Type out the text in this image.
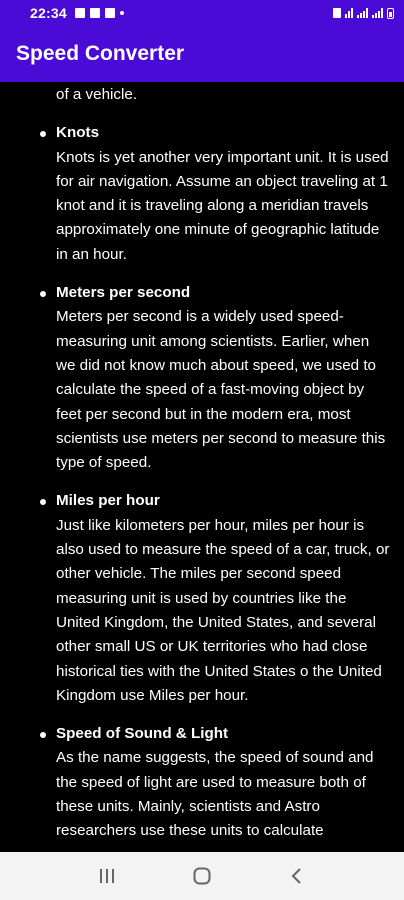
22:34
Speed Converter
of a vehicle.
Knots
Knots is yet another very important unit. It is used for air navigation. Assume an object traveling at 1 knot and it is traveling along a meridian travels approximately one minute of geographic latitude in an hour.
Meters per second
Meters per second is a widely used speed-measuring unit among scientists. Earlier, when we did not know much about speed, we used to calculate the speed of a fast-moving object by feet per second but in the modern era, most scientists use meters per second to measure this type of speed.
Miles per hour
Just like kilometers per hour, miles per hour is also used to measure the speed of a car, truck, or other vehicle. The miles per second speed measuring unit is used by countries like the United Kingdom, the United States, and several other small US or UK territories who had close historical ties with the United States o the United Kingdom use Miles per hour.
Speed of Sound & Light
As the name suggests, the speed of sound and the speed of light are used to measure both of these units. Mainly, scientists and Astro researchers use these units to calculate
